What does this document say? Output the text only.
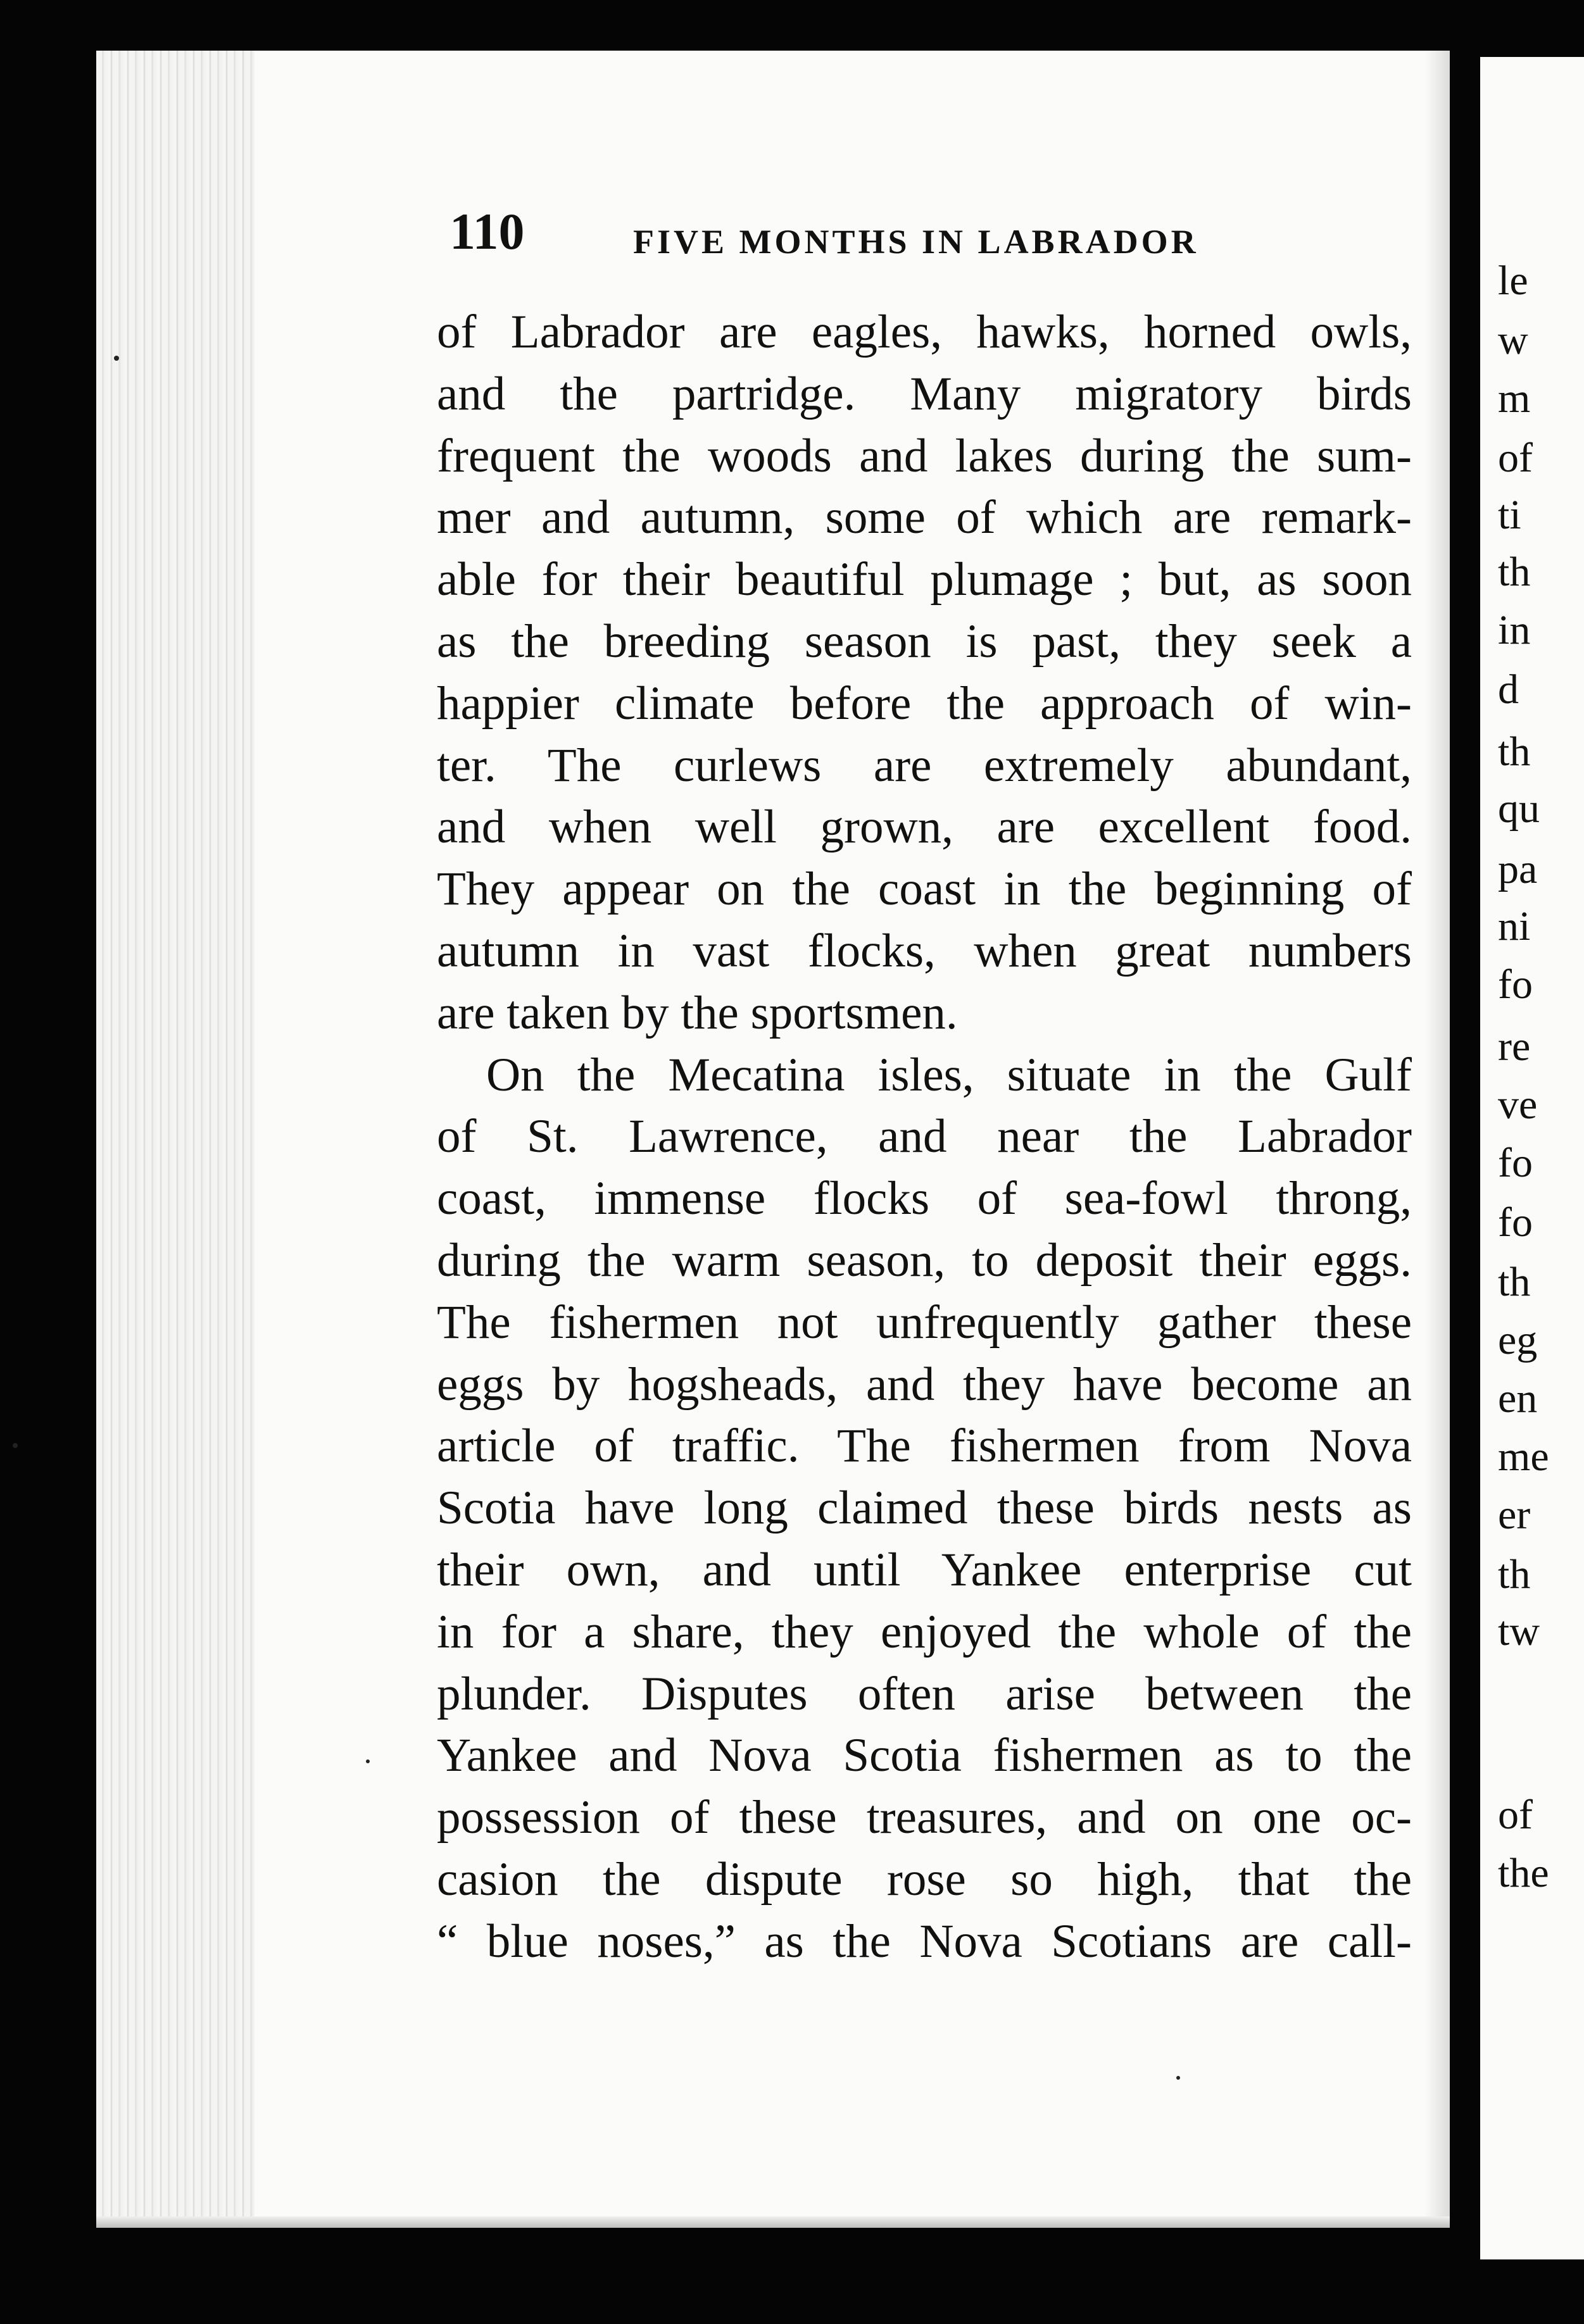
le
w
m
of
ti
th
in
d
th
qu
pa
ni
fo
re
ve
fo
fo
th
eg
en
me
er
th
tw
of
the
110	FIVE MONTHS IN LABRADOR
of Labrador are eagles, hawks, horned owls,
and the partridge. Many migratory birds
frequent the woods and lakes during the sum-
mer and autumn, some of which are remark-
able for their beautiful plumage ; but, as soon
as the breeding season is past, they seek a
happier climate before the approach of win-
ter. The curlews are extremely abundant,
and when well grown, are excellent food.
They appear on the coast in the beginning of
autumn in vast flocks, when great numbers
are taken by the sportsmen.
On the Mecatina isles, situate in the Gulf
of St. Lawrence, and near the Labrador
coast, immense flocks of sea-fowl throng,
during the warm season, to deposit their eggs.
The fishermen not unfrequently gather these
eggs by hogsheads, and they have become an
article of traffic. The fishermen from Nova
Scotia have long claimed these birds nests as
their own, and until Yankee enterprise cut
in for a share, they enjoyed the whole of the
plunder. Disputes often arise between the
Yankee and Nova Scotia fishermen as to the
possession of these treasures, and on one oc-
casion the dispute rose so high, that the
“ blue noses,” as the Nova Scotians are call-
